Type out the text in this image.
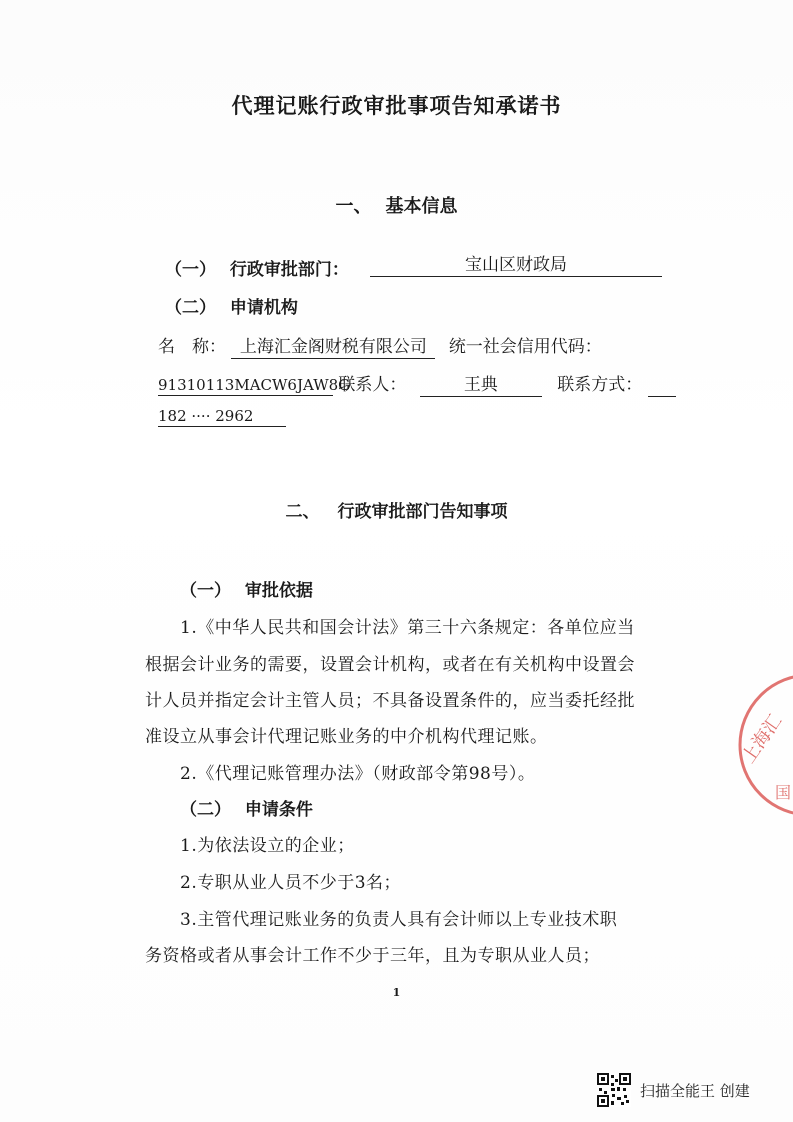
代理记账行政审批事项告知承诺书
一、 基本信息
（一） 行政审批部门：	宝山区财政局
（二） 申请机构
名　称： 上海汇金阁财税有限公司 统一社会信用代码：
91310113MACW6JAW8G 联系人：	王典	联系方式：
182 ···· 2962
二、 行政审批部门告知事项
（一） 审批依据
1.《中华人民共和国会计法》第三十六条规定：各单位应当
根据会计业务的需要，设置会计机构，或者在有关机构中设置会
计人员并指定会计主管人员；不具备设置条件的，应当委托经批
准设立从事会计代理记账业务的中介机构代理记账。
2.《代理记账管理办法》（财政部令第98号）。
（二） 申请条件
1.为依法设立的企业；
2.专职从业人员不少于3名；
3.主管代理记账业务的负责人具有会计师以上专业技术职
务资格或者从事会计工作不少于三年，且为专职从业人员；
1
上海汇
国
扫描全能王 创建
